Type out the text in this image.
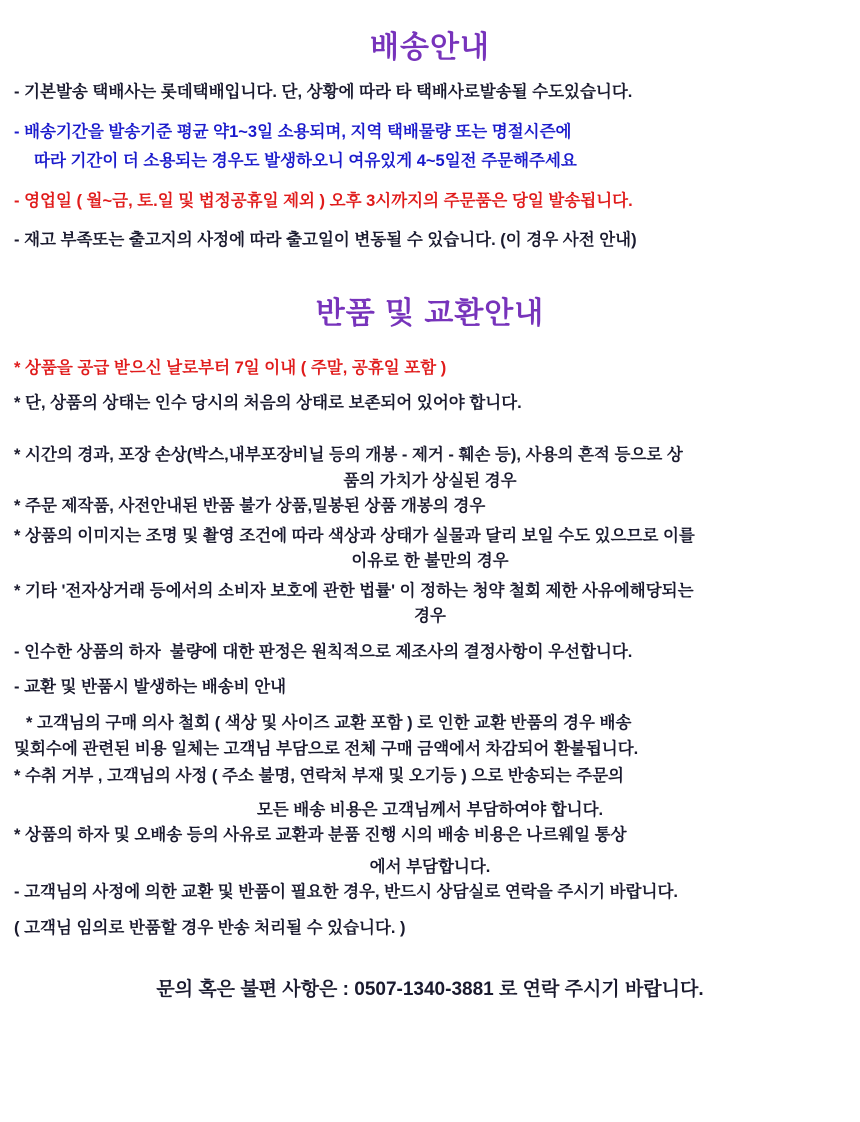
배송안내
- 기본발송 택배사는 롯데택배입니다. 단, 상황에 따라 타 택배사로발송될 수도있습니다.
- 배송기간을 발송기준 평균 약1~3일 소용되며, 지역 택배물량 또는 명절시즌에
따라 기간이 더 소용되는 경우도 발생하오니 여유있게 4~5일전 주문해주세요
- 영업일 ( 월~금, 토.일 및 법정공휴일 제외 ) 오후 3시까지의 주문품은 당일 발송됩니다.
- 재고 부족또는 출고지의 사정에 따라 출고일이 변동될 수 있습니다. (이 경우 사전 안내)
반품 및 교환안내
* 상품을 공급 받으신 날로부터 7일 이내 ( 주말, 공휴일 포함 )
* 단, 상품의 상태는 인수 당시의 처음의 상태로 보존되어 있어야 합니다.
* 시간의 경과, 포장 손상(박스,내부포장비닐 등의 개봉 - 제거 - 훼손 등), 사용의 흔적 등으로 상
품의 가치가 상실된 경우
* 주문 제작품, 사전안내된 반품 불가 상품,밀봉된 상품 개봉의 경우
* 상품의 이미지는 조명 및 촬영 조건에 따라 색상과 상태가 실물과 달리 보일 수도 있으므로 이를
이유로 한 불만의 경우
* 기타 '전자상거래 등에서의 소비자 보호에 관한 법률' 이 정하는 청약 철회 제한 사유에해당되는
경우
- 인수한 상품의 하자  불량에 대한 판정은 원칙적으로 제조사의 결정사항이 우선합니다.
- 교환 및 반품시 발생하는 배송비 안내
* 고객님의 구매 의사 철회 ( 색상 및 사이즈 교환 포함 ) 로 인한 교환 반품의 경우 배송
및회수에 관련된 비용 일체는 고객님 부담으로 전체 구매 금액에서 차감되어 환불됩니다.
* 수취 거부 , 고객님의 사정 ( 주소 불명, 연락처 부재 및 오기등 ) 으로 반송되는 주문의
모든 배송 비용은 고객님께서 부담하여야 합니다.
* 상품의 하자 및 오배송 등의 사유로 교환과 분품 진행 시의 배송 비용은 나르웨일 통상
에서 부담합니다.
- 고객님의 사정에 의한 교환 및 반품이 필요한 경우, 반드시 상담실로 연락을 주시기 바랍니다.
( 고객님 임의로 반품할 경우 반송 처리될 수 있습니다. )
문의 혹은 불편 사항은 : 0507-1340-3881 로 연락 주시기 바랍니다.
